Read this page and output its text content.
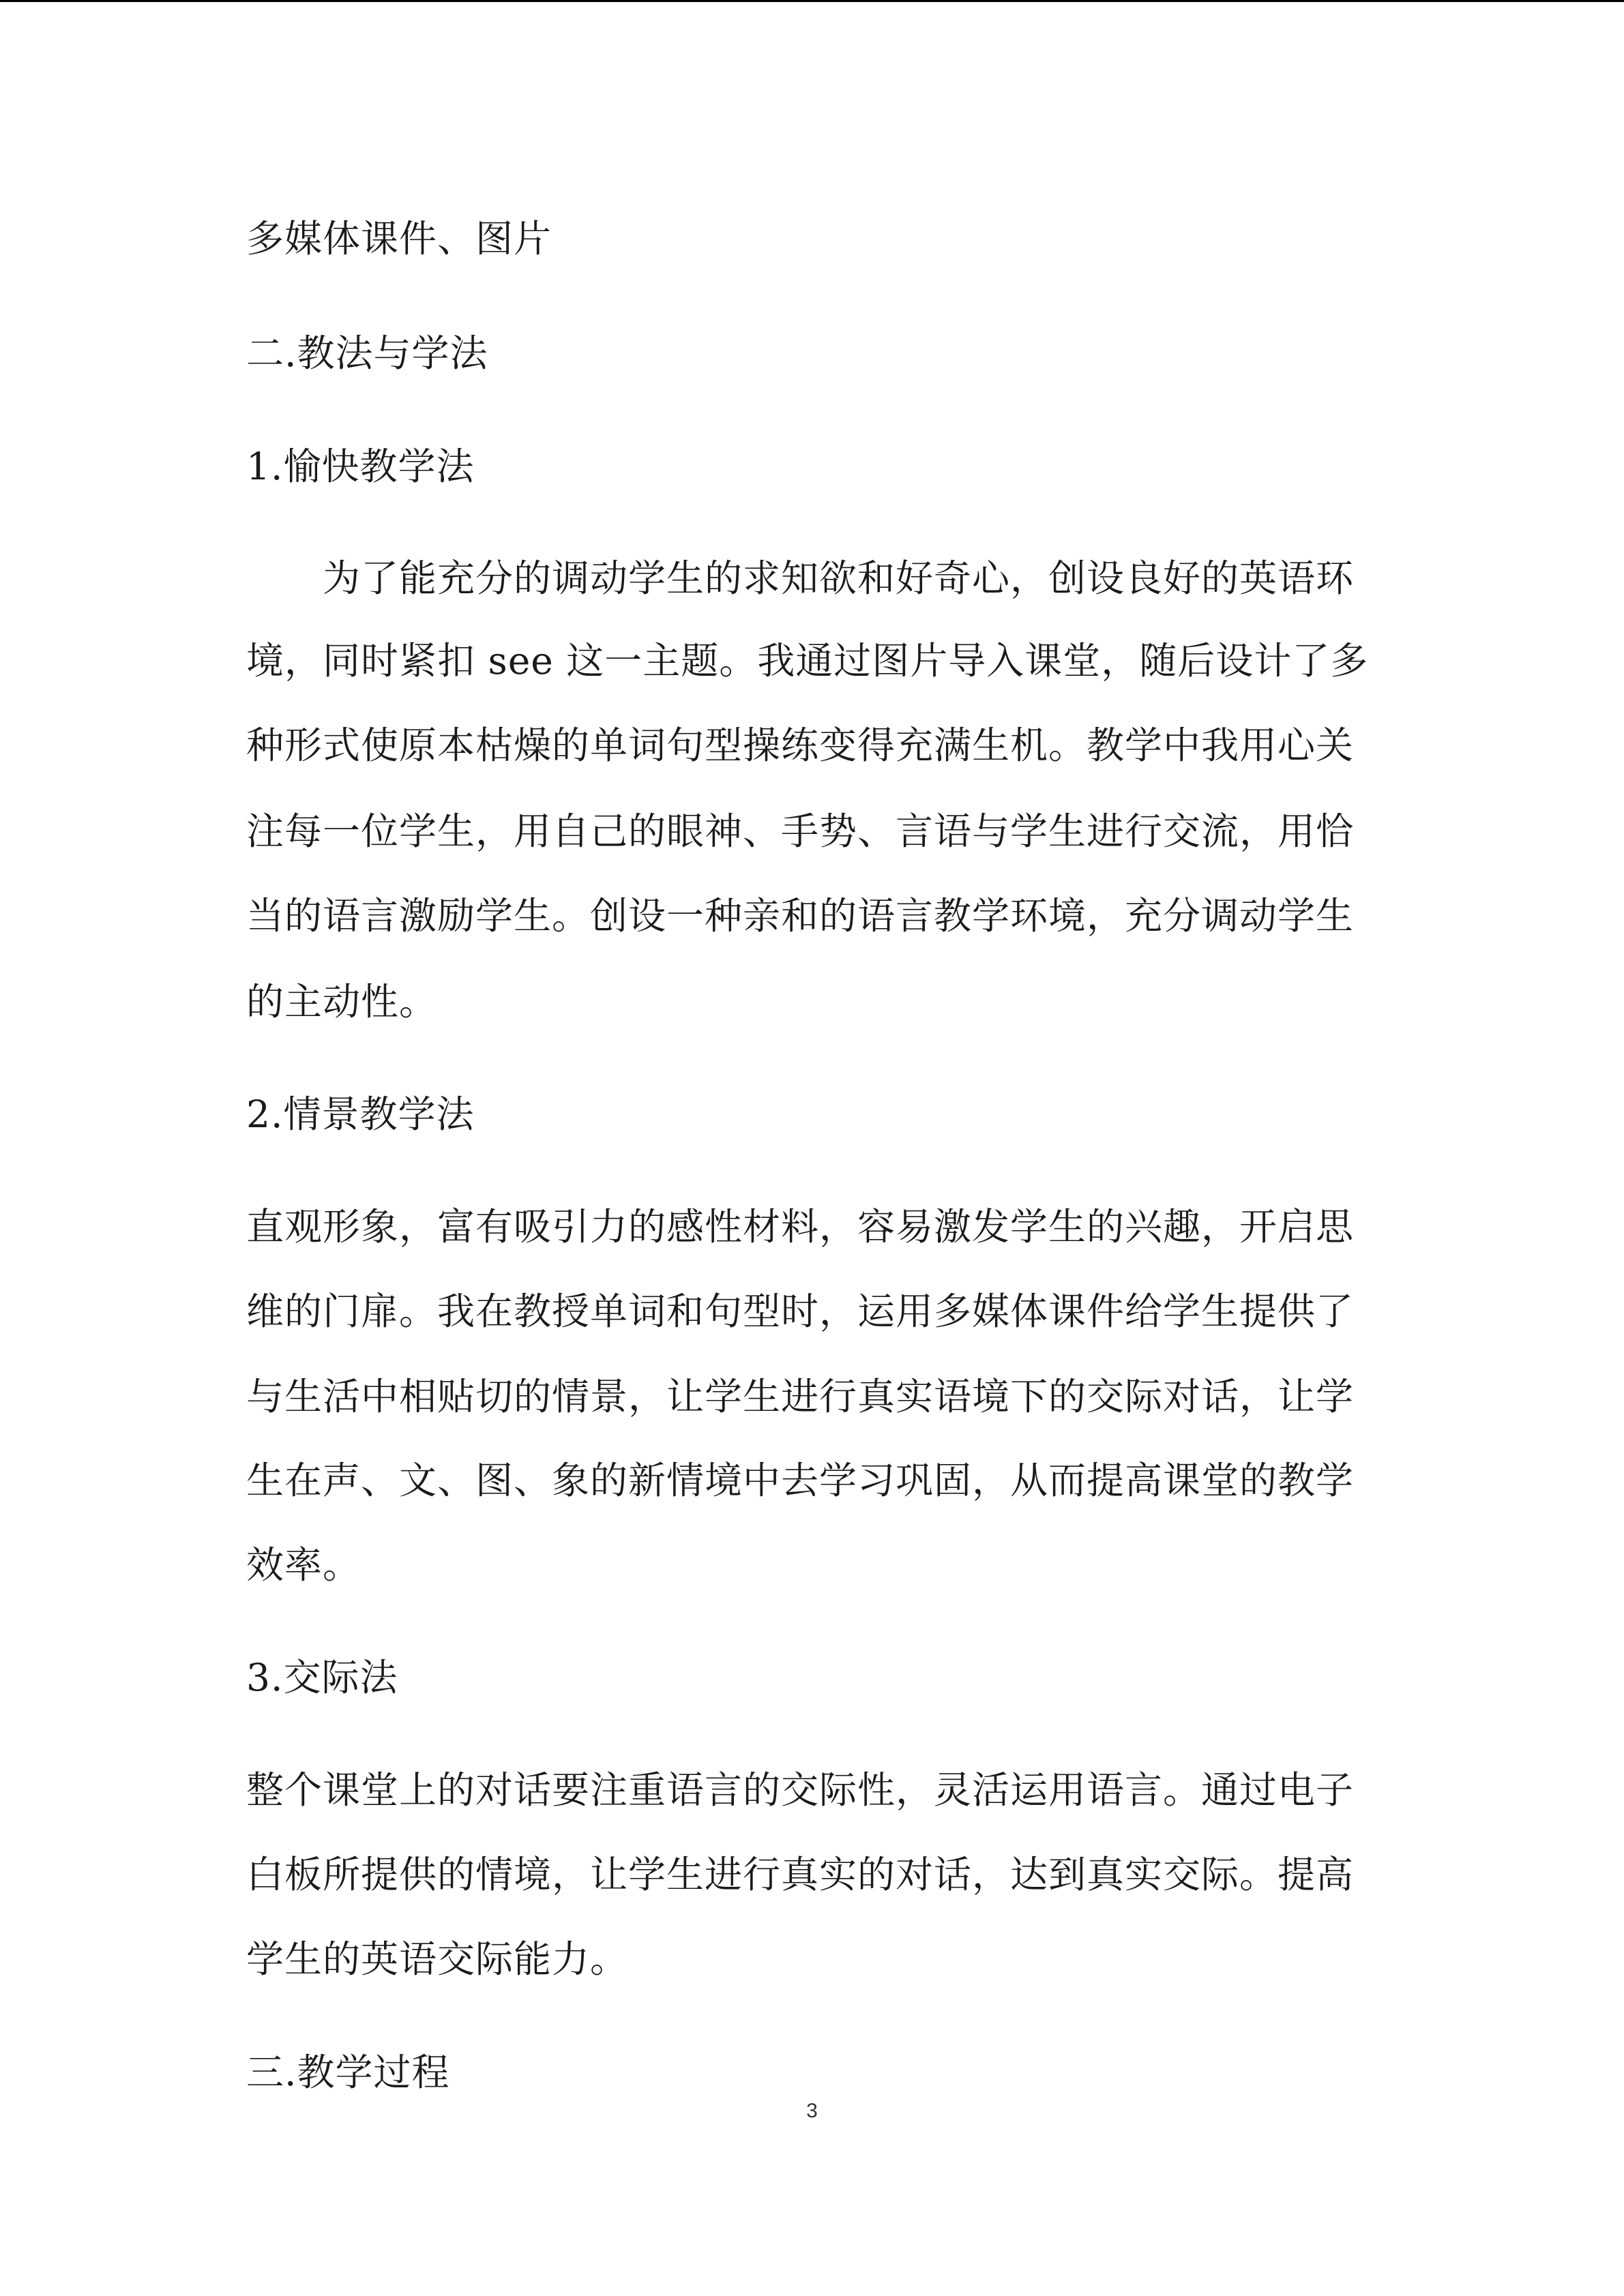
多媒体课件、图片
二.教法与学法
1.愉快教学法
为了能充分的调动学生的求知欲和好奇心，创设良好的英语环
境，同时紧扣 see 这一主题。我通过图片导入课堂，随后设计了多
种形式使原本枯燥的单词句型操练变得充满生机。教学中我用心关
注每一位学生，用自己的眼神、手势、言语与学生进行交流，用恰
当的语言激励学生。创设一种亲和的语言教学环境，充分调动学生
的主动性。
2.情景教学法
直观形象，富有吸引力的感性材料，容易激发学生的兴趣，开启思
维的门扉。我在教授单词和句型时，运用多媒体课件给学生提供了
与生活中相贴切的情景，让学生进行真实语境下的交际对话，让学
生在声、文、图、象的新情境中去学习巩固，从而提高课堂的教学
效率。
3.交际法
整个课堂上的对话要注重语言的交际性，灵活运用语言。通过电子
白板所提供的情境，让学生进行真实的对话，达到真实交际。提高
学生的英语交际能力。
三.教学过程
3
